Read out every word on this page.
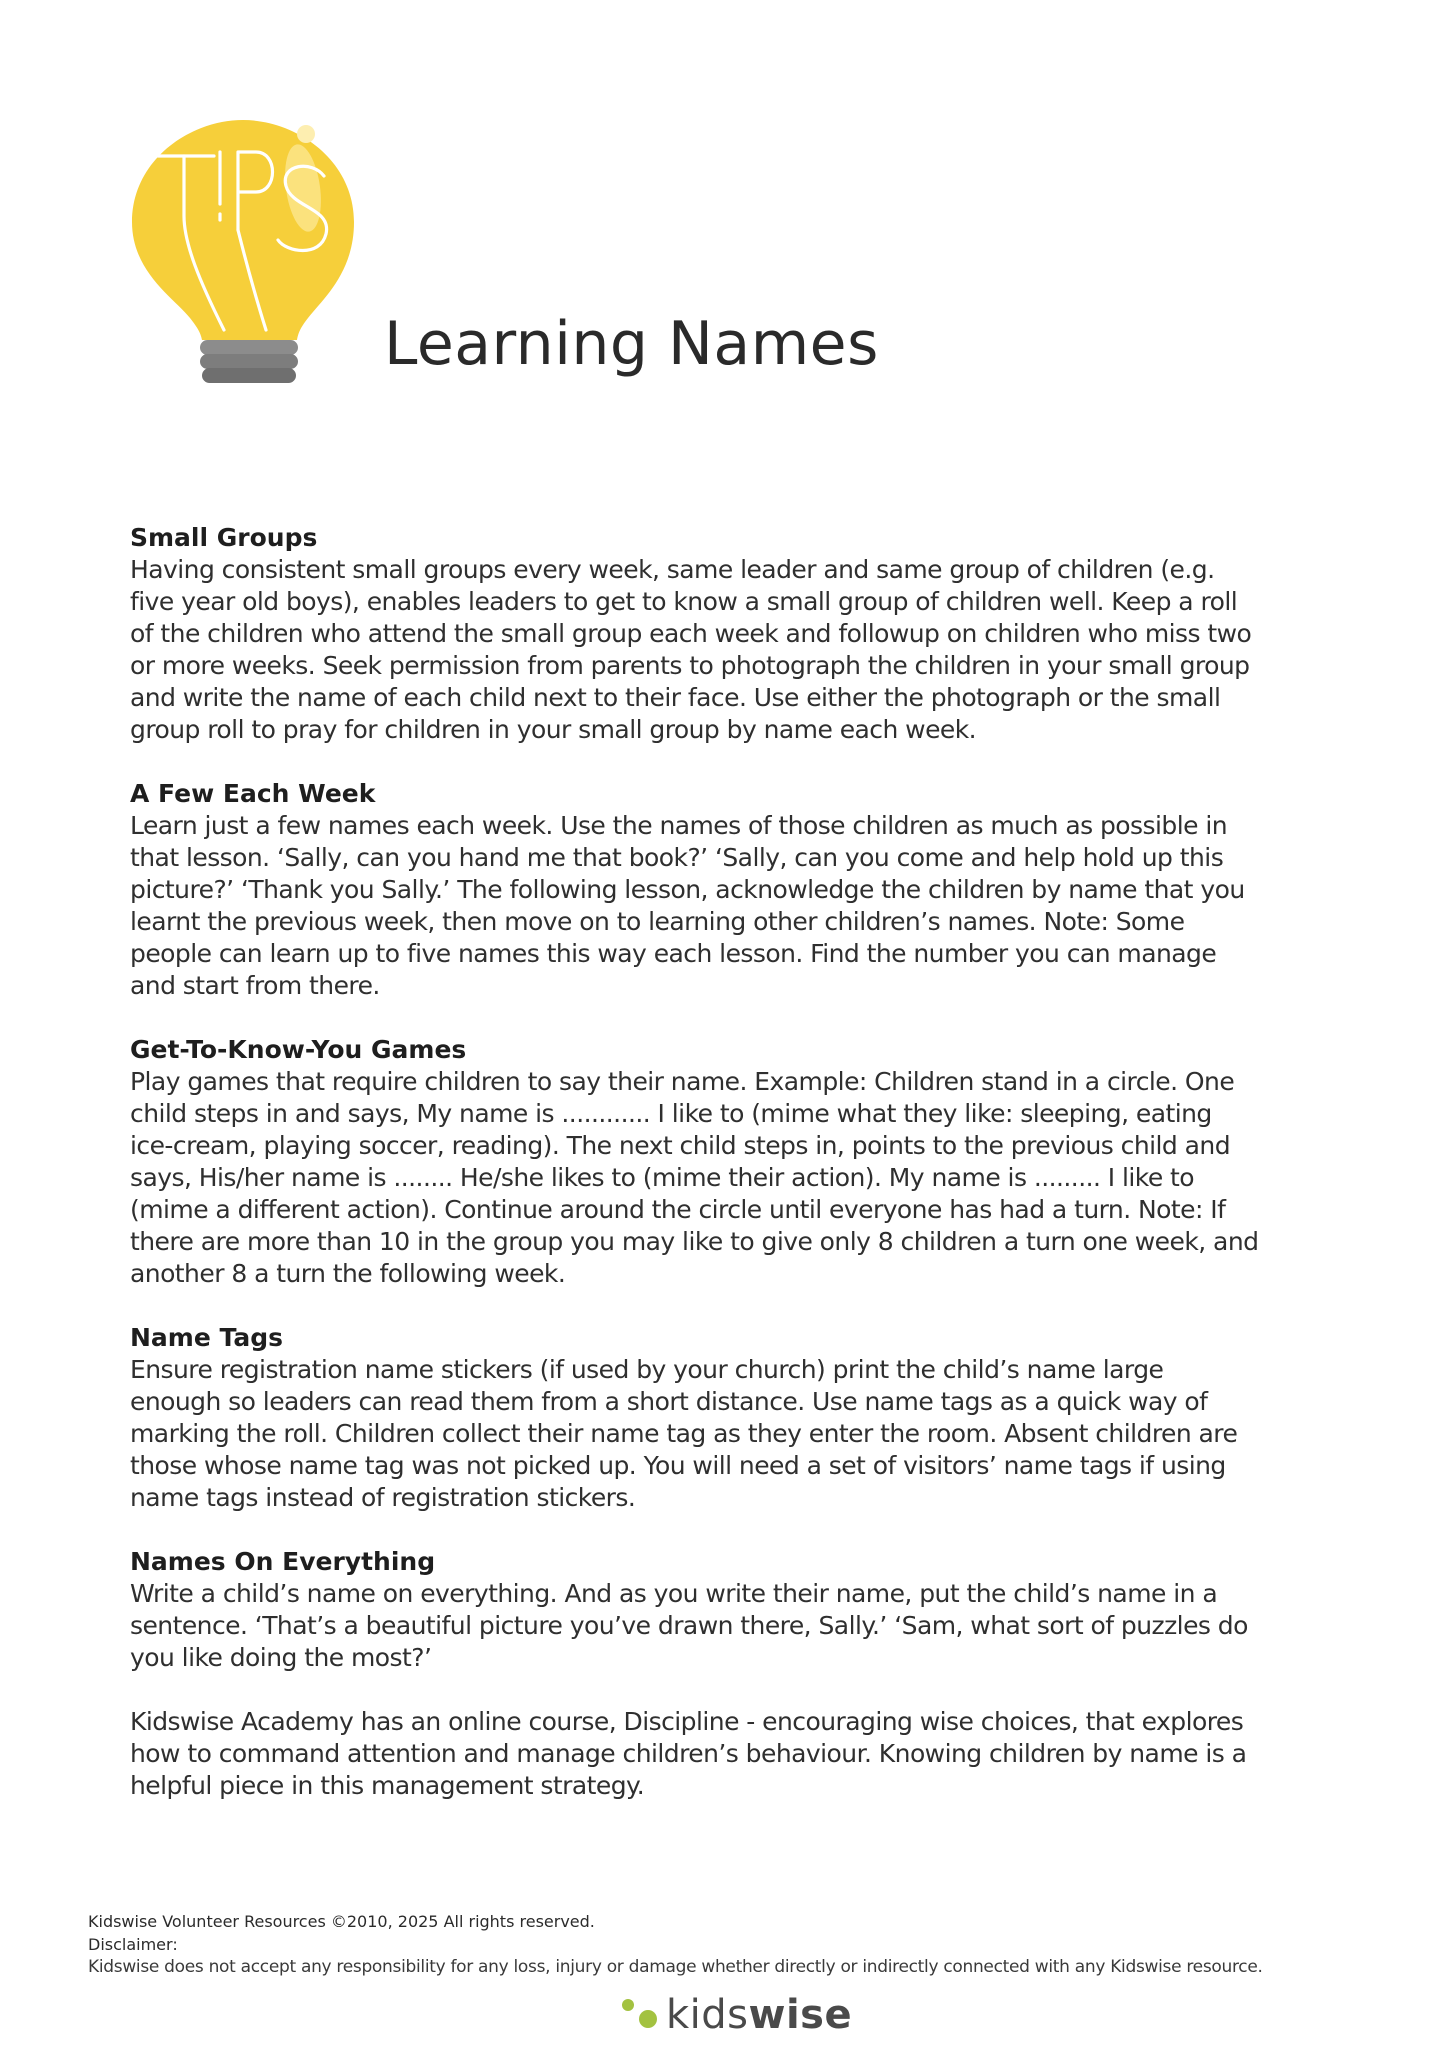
Learning Names

Small Groups

Having consistent small groups every week, same leader and same group of children (e.g. five year old boys), enables leaders to get to know a small group of children well. Keep a roll of the children who attend the small group each week and followup on children who miss two or more weeks. Seek permission from parents to photograph the children in your small group and write the name of each child next to their face. Use either the photograph or the small group roll to pray for children in your small group by name each week.

A Few Each Week

Learn just a few names each week. Use the names of those children as much as possible in that lesson. ‘Sally, can you hand me that book?’ ‘Sally, can you come and help hold up this picture?’ ‘Thank you Sally.’ The following lesson, acknowledge the children by name that you learnt the previous week, then move on to learning other children’s names. Note: Some people can learn up to five names this way each lesson. Find the number you can manage and start from there.

Get-To-Know-You Games

Play games that require children to say their name. Example: Children stand in a circle. One child steps in and says, My name is ............ I like to (mime what they like: sleeping, eating ice-cream, playing soccer, reading). The next child steps in, points to the previous child and says, His/her name is ........ He/she likes to (mime their action). My name is ......... I like to (mime a different action). Continue around the circle until everyone has had a turn. Note: If there are more than 10 in the group you may like to give only 8 children a turn one week, and another 8 a turn the following week.

Name Tags

Ensure registration name stickers (if used by your church) print the child’s name large enough so leaders can read them from a short distance. Use name tags as a quick way of marking the roll. Children collect their name tag as they enter the room. Absent children are those whose name tag was not picked up. You will need a set of visitors’ name tags if using name tags instead of registration stickers.

Names On Everything

Write a child’s name on everything. And as you write their name, put the child’s name in a sentence. ‘That’s a beautiful picture you’ve drawn there, Sally.’ ‘Sam, what sort of puzzles do you like doing the most?’

Kidswise Academy has an online course, Discipline - encouraging wise choices, that explores how to command attention and manage children’s behaviour. Knowing children by name is a helpful piece in this management strategy.

Kidswise Volunteer Resources ©2010, 2025 All rights reserved.

Disclaimer:

Kidswise does not accept any responsibility for any loss, injury or damage whether directly or indirectly connected with any Kidswise resource.

kidswise
